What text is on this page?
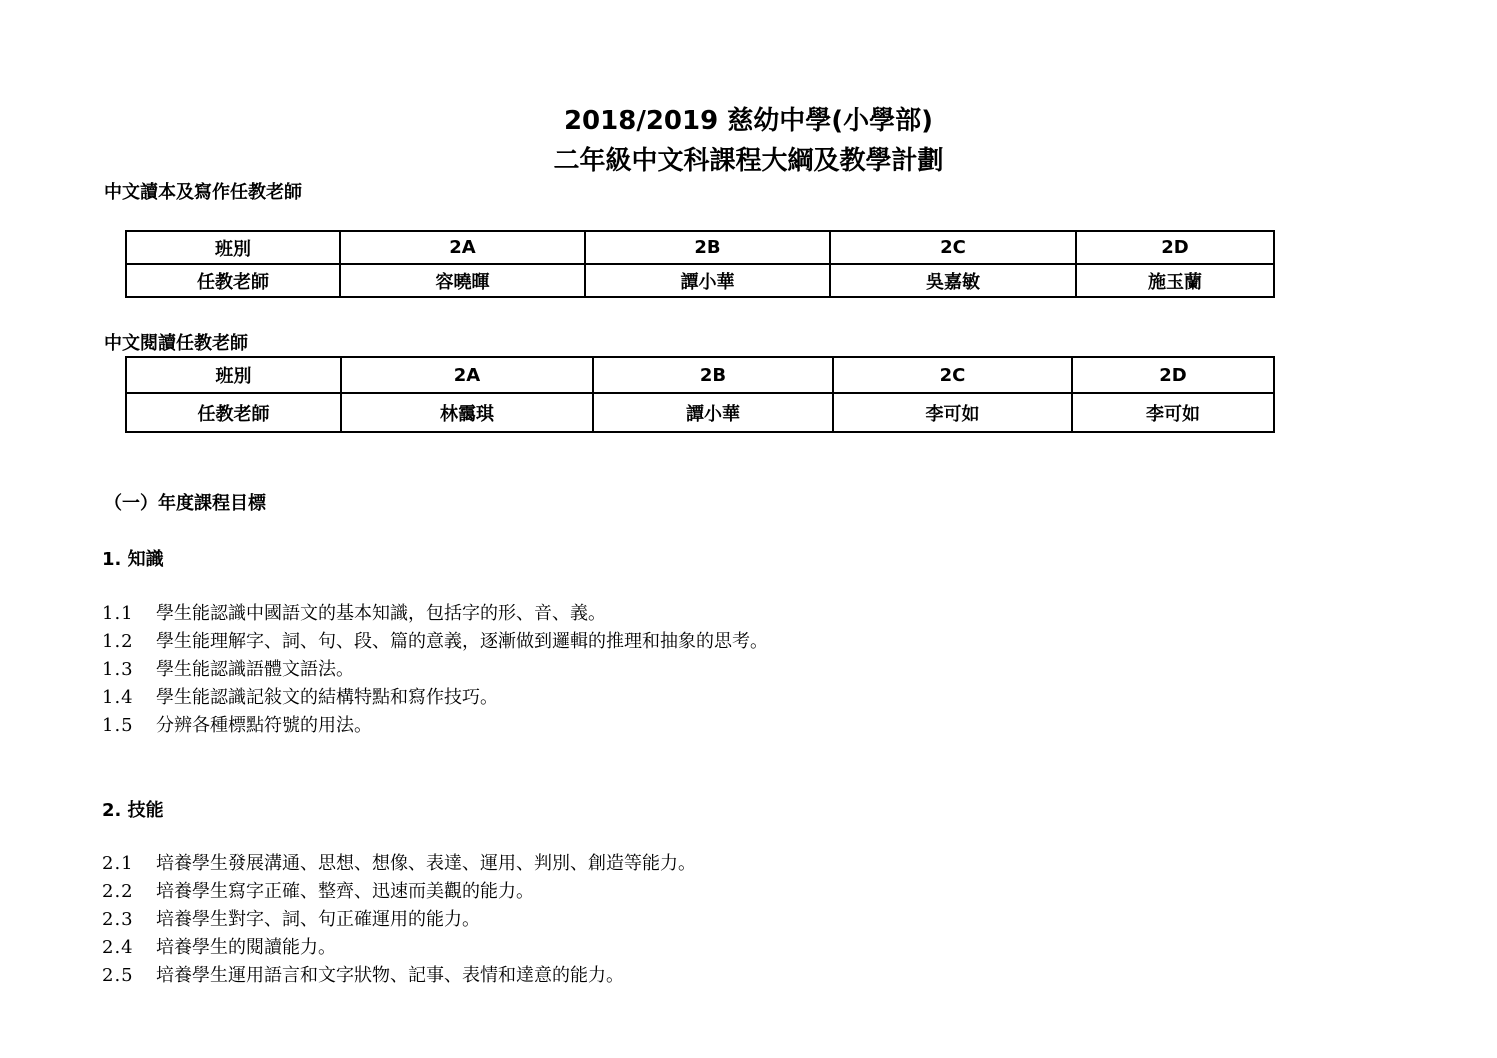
2018/2019 慈幼中學(小學部)
二年級中文科課程大綱及教學計劃
中文讀本及寫作任教老師
班別	2A	2B	2C	2D
任教老師	容曉暉	譚小華	吳嘉敏	施玉蘭
中文閱讀任教老師
班別	2A	2B	2C	2D
任教老師	林靄琪	譚小華	李可如	李可如
（一）年度課程目標
1. 知識
1.1 學生能認識中國語文的基本知識，包括字的形、音、義。
1.2 學生能理解字、詞、句、段、篇的意義，逐漸做到邏輯的推理和抽象的思考。
1.3 學生能認識語體文語法。
1.4 學生能認識記敍文的結構特點和寫作技巧。
1.5 分辨各種標點符號的用法。
2. 技能
2.1 培養學生發展溝通、思想、想像、表達、運用、判別、創造等能力。
2.2 培養學生寫字正確、整齊、迅速而美觀的能力。
2.3 培養學生對字、詞、句正確運用的能力。
2.4 培養學生的閱讀能力。
2.5 培養學生運用語言和文字狀物、記事、表情和達意的能力。
